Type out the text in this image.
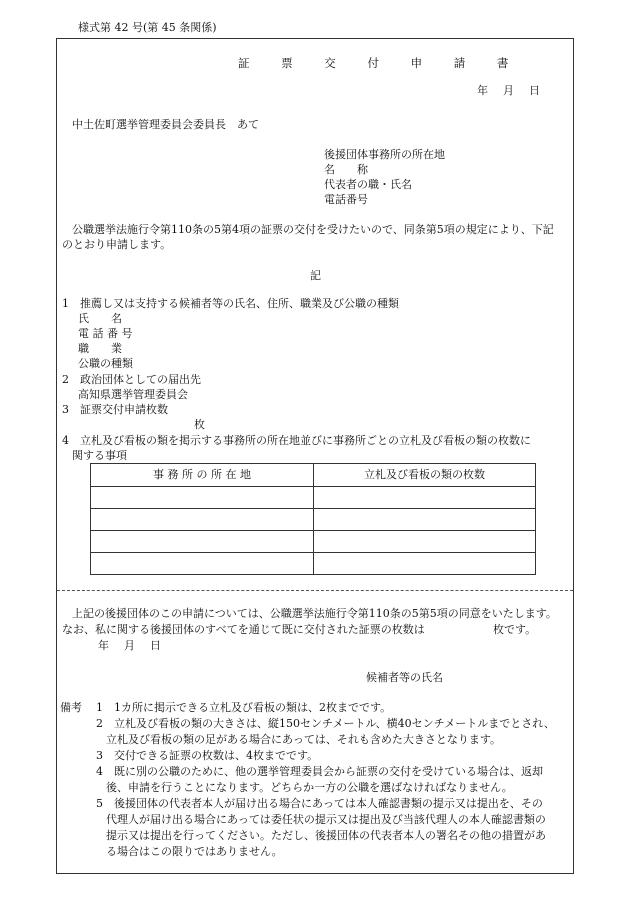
様式第 42 号(第 45 条関係)
証 票 交 付 申 請 書
年　月　日
中土佐町選挙管理委員会委員長　あて
後援団体事務所の所在地
名　　称
代表者の職・氏名
電話番号
公職選挙法施行令第110条の5第4項の証票の交付を受けたいので、同条第5項の規定により、下記
のとおり申請します。
記
1　推薦し又は支持する候補者等の氏名、住所、職業及び公職の種類
氏　　名
電 話 番 号
職　　業
公職の種類
2　政治団体としての届出先
高知県選挙管理委員会
3　証票交付申請枚数
枚
4　立札及び看板の類を掲示する事務所の所在地並びに事務所ごとの立札及び看板の類の枚数に
関する事項
事 務 所 の 所 在 地	立札及び看板の類の枚数

上記の後援団体のこの申請については、公職選挙法施行令第110条の5第5項の同意をいたします。
なお、私に関する後援団体のすべてを通じて既に交付された証票の枚数は	枚です。
年　月　日
候補者等の氏名
備考 1　1カ所に掲示できる立札及び看板の類は、2枚までです。
2　立札及び看板の類の大きさは、縦150センチメートル、横40センチメートルまでとされ、
立札及び看板の類の足がある場合にあっては、それも含めた大きさとなります。
3　交付できる証票の枚数は、4枚までです。
4　既に別の公職のために、他の選挙管理委員会から証票の交付を受けている場合は、返却
後、申請を行うことになります。どちらか一方の公職を選ばなければなりません。
5　後援団体の代表者本人が届け出る場合にあっては本人確認書類の提示又は提出を、その
代理人が届け出る場合にあっては委任状の提示又は提出及び当該代理人の本人確認書類の
提示又は提出を行ってください。ただし、後援団体の代表者本人の署名その他の措置があ
る場合はこの限りではありません。
